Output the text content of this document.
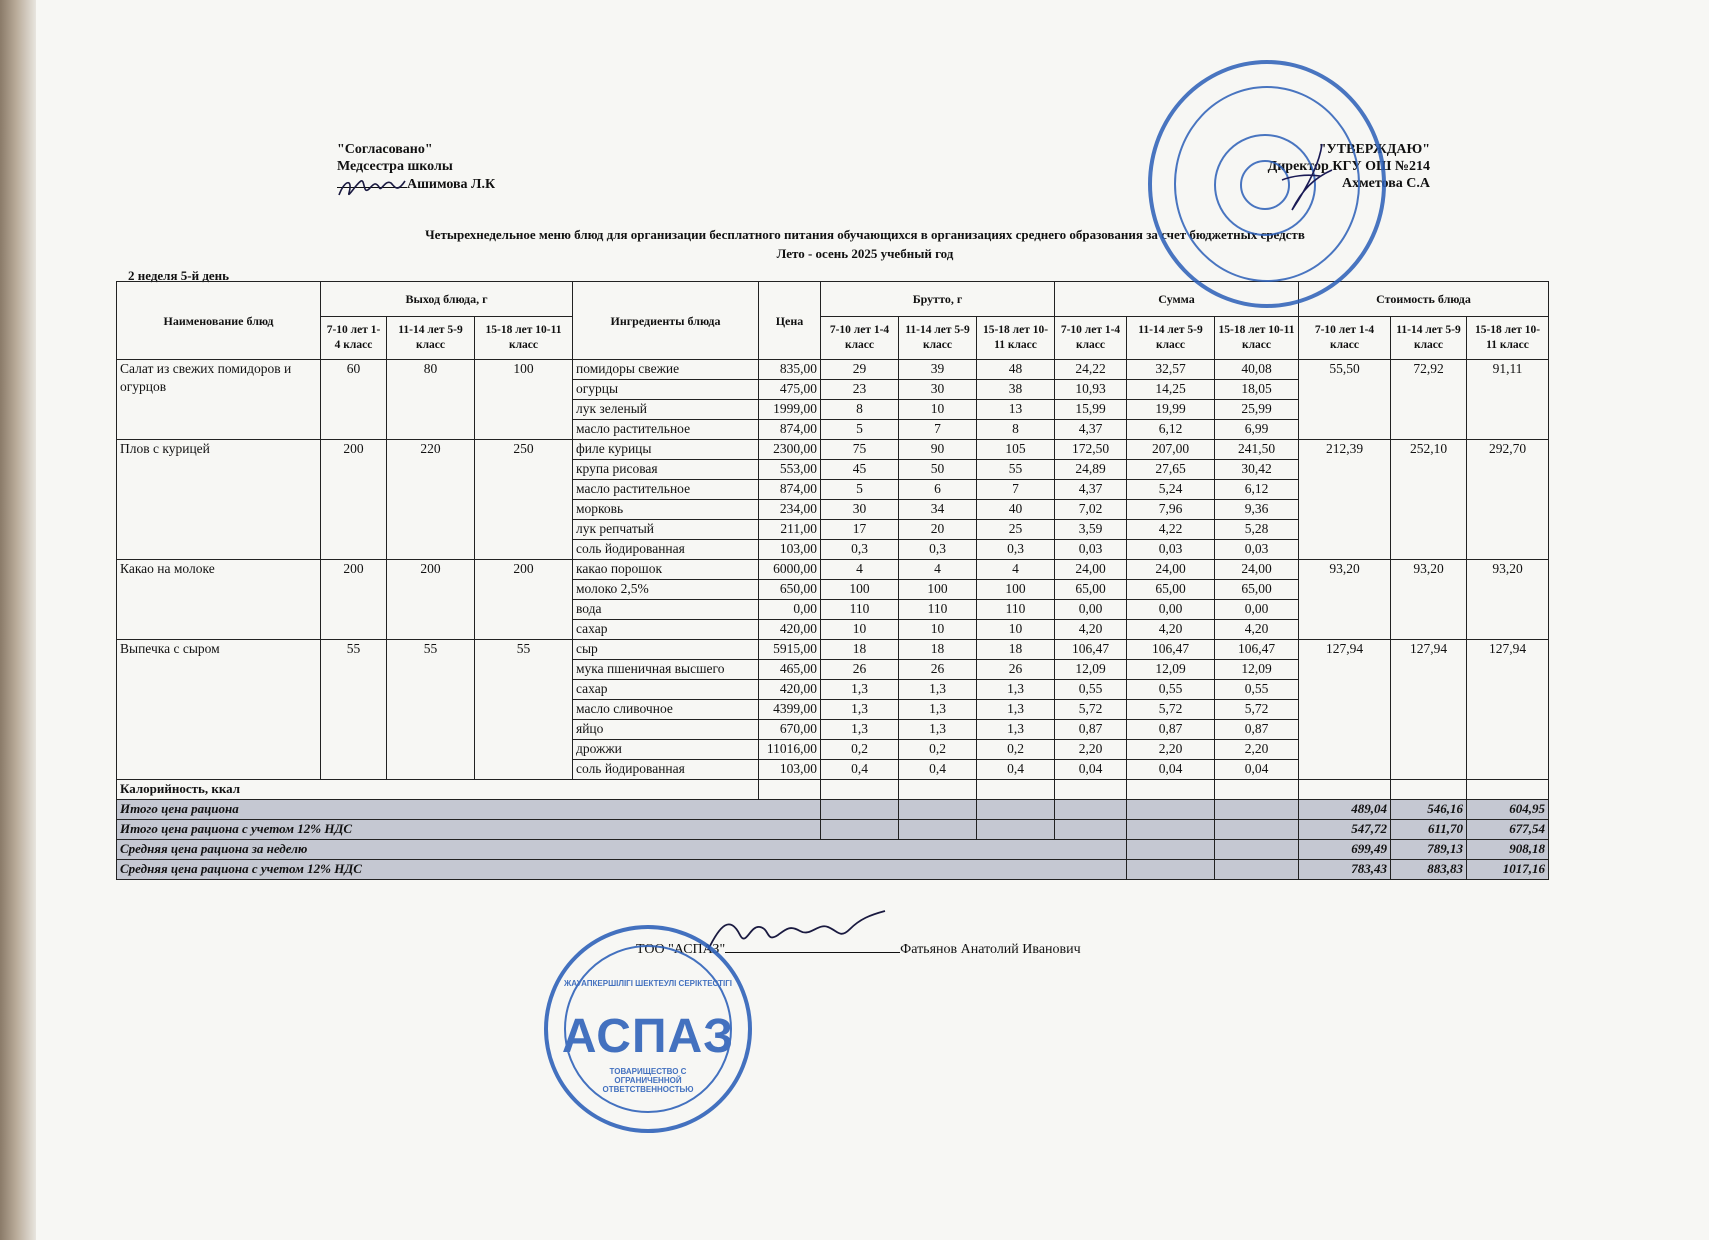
"Согласовано"
Медсестра школы
Ашимова Л.К
"УТВЕРЖДАЮ"
Директор КГУ ОШ №214
Ахметова С.А
Четырехнедельное меню блюд для организации бесплатного питания обучающихся в организациях среднего образования за счет бюджетных средств
Лето - осень 2025 учебный год
2 неделя 5-й день
Наименование блюд	Выход блюда, г			Ингредиенты блюда	Цена	Брутто, г			Сумма			Стоимость блюда		
	7-10 лет 1-4 класс	11-14 лет 5-9 класс	15-18 лет 10-11 класс			7-10 лет 1-4 класс	11-14 лет 5-9 класс	15-18 лет 10-11 класс	7-10 лет 1-4 класс	11-14 лет 5-9 класс	15-18 лет 10-11 класс	7-10 лет 1-4 класс	11-14 лет 5-9 класс	15-18 лет 10-11 класс
Салат из свежих помидоров и огурцов	60	80	100	помидоры свежие	835,00	29	39	48	24,22	32,57	40,08	55,50	72,92	91,11
				огурцы	475,00	23	30	38	10,93	14,25	18,05			
				лук зеленый	1999,00	8	10	13	15,99	19,99	25,99			
				масло растительное	874,00	5	7	8	4,37	6,12	6,99			
Плов с курицей	200	220	250	филе курицы	2300,00	75	90	105	172,50	207,00	241,50	212,39	252,10	292,70
				крупа рисовая	553,00	45	50	55	24,89	27,65	30,42			
				масло растительное	874,00	5	6	7	4,37	5,24	6,12			
				морковь	234,00	30	34	40	7,02	7,96	9,36			
				лук репчатый	211,00	17	20	25	3,59	4,22	5,28			
				соль йодированная	103,00	0,3	0,3	0,3	0,03	0,03	0,03			
Какао на молоке	200	200	200	какао порошок	6000,00	4	4	4	24,00	24,00	24,00	93,20	93,20	93,20
				молоко 2,5%	650,00	100	100	100	65,00	65,00	65,00			
				вода	0,00	110	110	110	0,00	0,00	0,00			
				сахар	420,00	10	10	10	4,20	4,20	4,20			
Выпечка с сыром	55	55	55	сыр	5915,00	18	18	18	106,47	106,47	106,47	127,94	127,94	127,94
				мука пшеничная высшего	465,00	26	26	26	12,09	12,09	12,09			
				сахар	420,00	1,3	1,3	1,3	0,55	0,55	0,55			
				масло сливочное	4399,00	1,3	1,3	1,3	5,72	5,72	5,72			
				яйцо	670,00	1,3	1,3	1,3	0,87	0,87	0,87			
				дрожжи	11016,00	0,2	0,2	0,2	2,20	2,20	2,20			
				соль йодированная	103,00	0,4	0,4	0,4	0,04	0,04	0,04			
Калорийность, ккал														
Итого цена рациона												489,04	546,16	604,95
Итого цена рациона с учетом 12% НДС												547,72	611,70	677,54
Средняя цена рациона за неделю												699,49	789,13	908,18
Средняя цена рациона с учетом 12% НДС												783,43	883,83	1017,16
ТОО "АСПАЗ"	Фатьянов Анатолий Иванович
ЖАУАПКЕРШІЛІГІ ШЕКТЕУЛІ СЕРІКТЕСТІГІ
АСПАЗ
ТОВАРИЩЕСТВО С ОГРАНИЧЕННОЙ ОТВЕТСТВЕННОСТЬЮ
